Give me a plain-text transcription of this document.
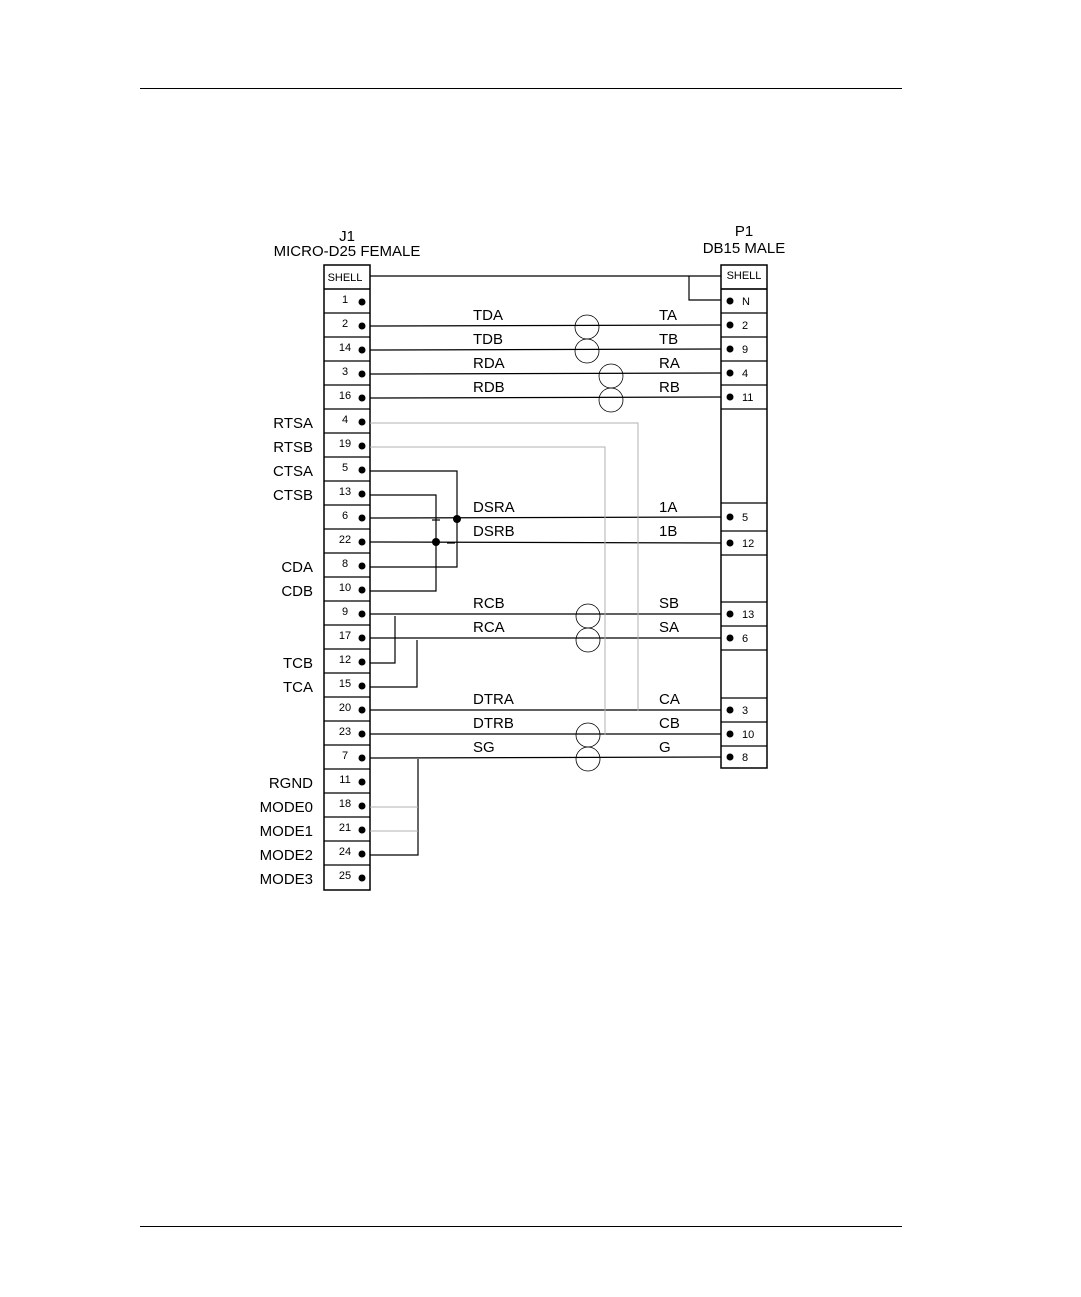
J1
MICRO-D25 FEMALE
P1
DB15 MALE
SHELL
1
2
14
3
16
4
19
5
13
6
22
8
10
9
17
12
15
20
23
7
11
18
21
24
25
SHELL
N
2
9
4
11
5
12
13
6
3
10
8
TDA	TA
TDB	TB
RDA	RA
RDB	RB
DSRA	1A
DSRB	1B
RCB	SB
RCA	SA
DTRA	CA
DTRB	CB
SG	G
RTSA
RTSB
CTSA
CTSB
CDA
CDB
TCB
TCA
RGND
MODE0
MODE1
MODE2
MODE3
